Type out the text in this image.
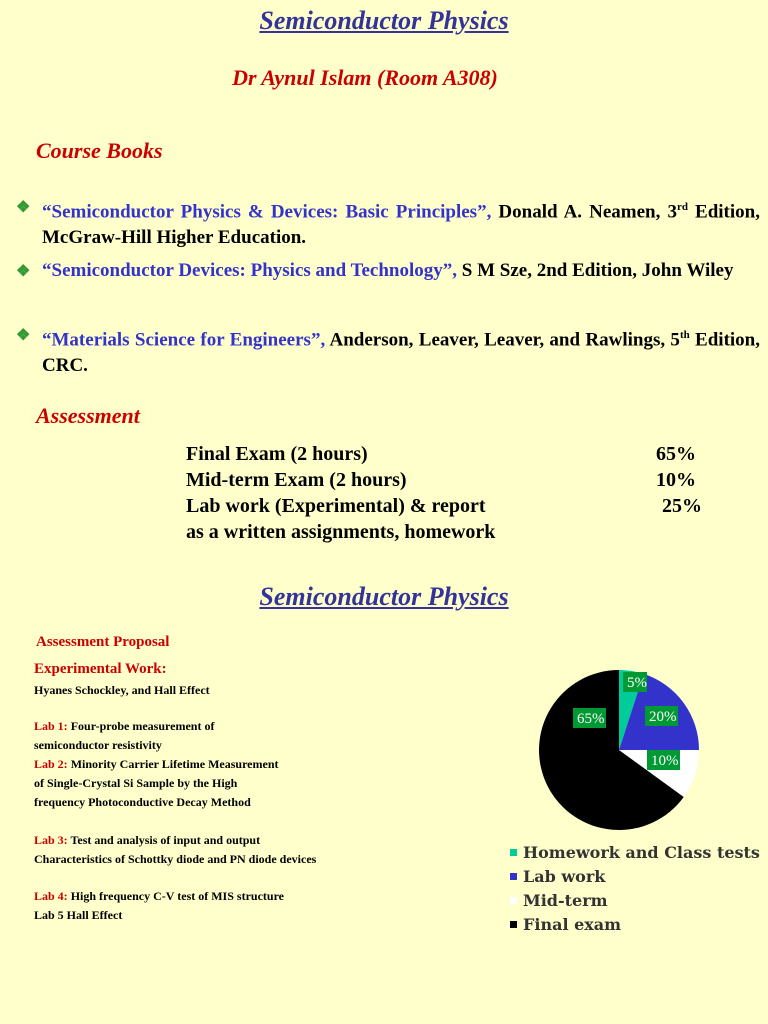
Semiconductor Physics
Dr Aynul Islam (Room A308)
Course Books
❖ “Semiconductor Physics & Devices: Basic Principles”, Donald A. Neamen, 3rd Edition, McGraw-Hill Higher Education.
❖ “Semiconductor Devices: Physics and Technology”, S M Sze, 2nd Edition, John Wiley
❖ “Materials Science for Engineers”, Anderson, Leaver, Leaver, and Rawlings, 5th Edition, CRC.
Assessment
Final Exam (2 hours)	65%
Mid-term Exam (2 hours)	10%
Lab work (Experimental) & report	25%
as a written assignments, homework
Semiconductor Physics
Assessment Proposal
Experimental Work:
Hyanes Schockley, and Hall Effect
Lab 1: Four-probe measurement of
semiconductor resistivity
Lab 2: Minority Carrier Lifetime Measurement
of Single-Crystal Si Sample by the High
frequency Photoconductive Decay Method
Lab 3: Test and analysis of input and output
Characteristics of Schottky diode and PN diode devices
Lab 4: High frequency C-V test of MIS structure
Lab 5 Hall Effect
5%
20%
10%
65%
Homework and Class tests
Lab work
Mid-term
Final exam
